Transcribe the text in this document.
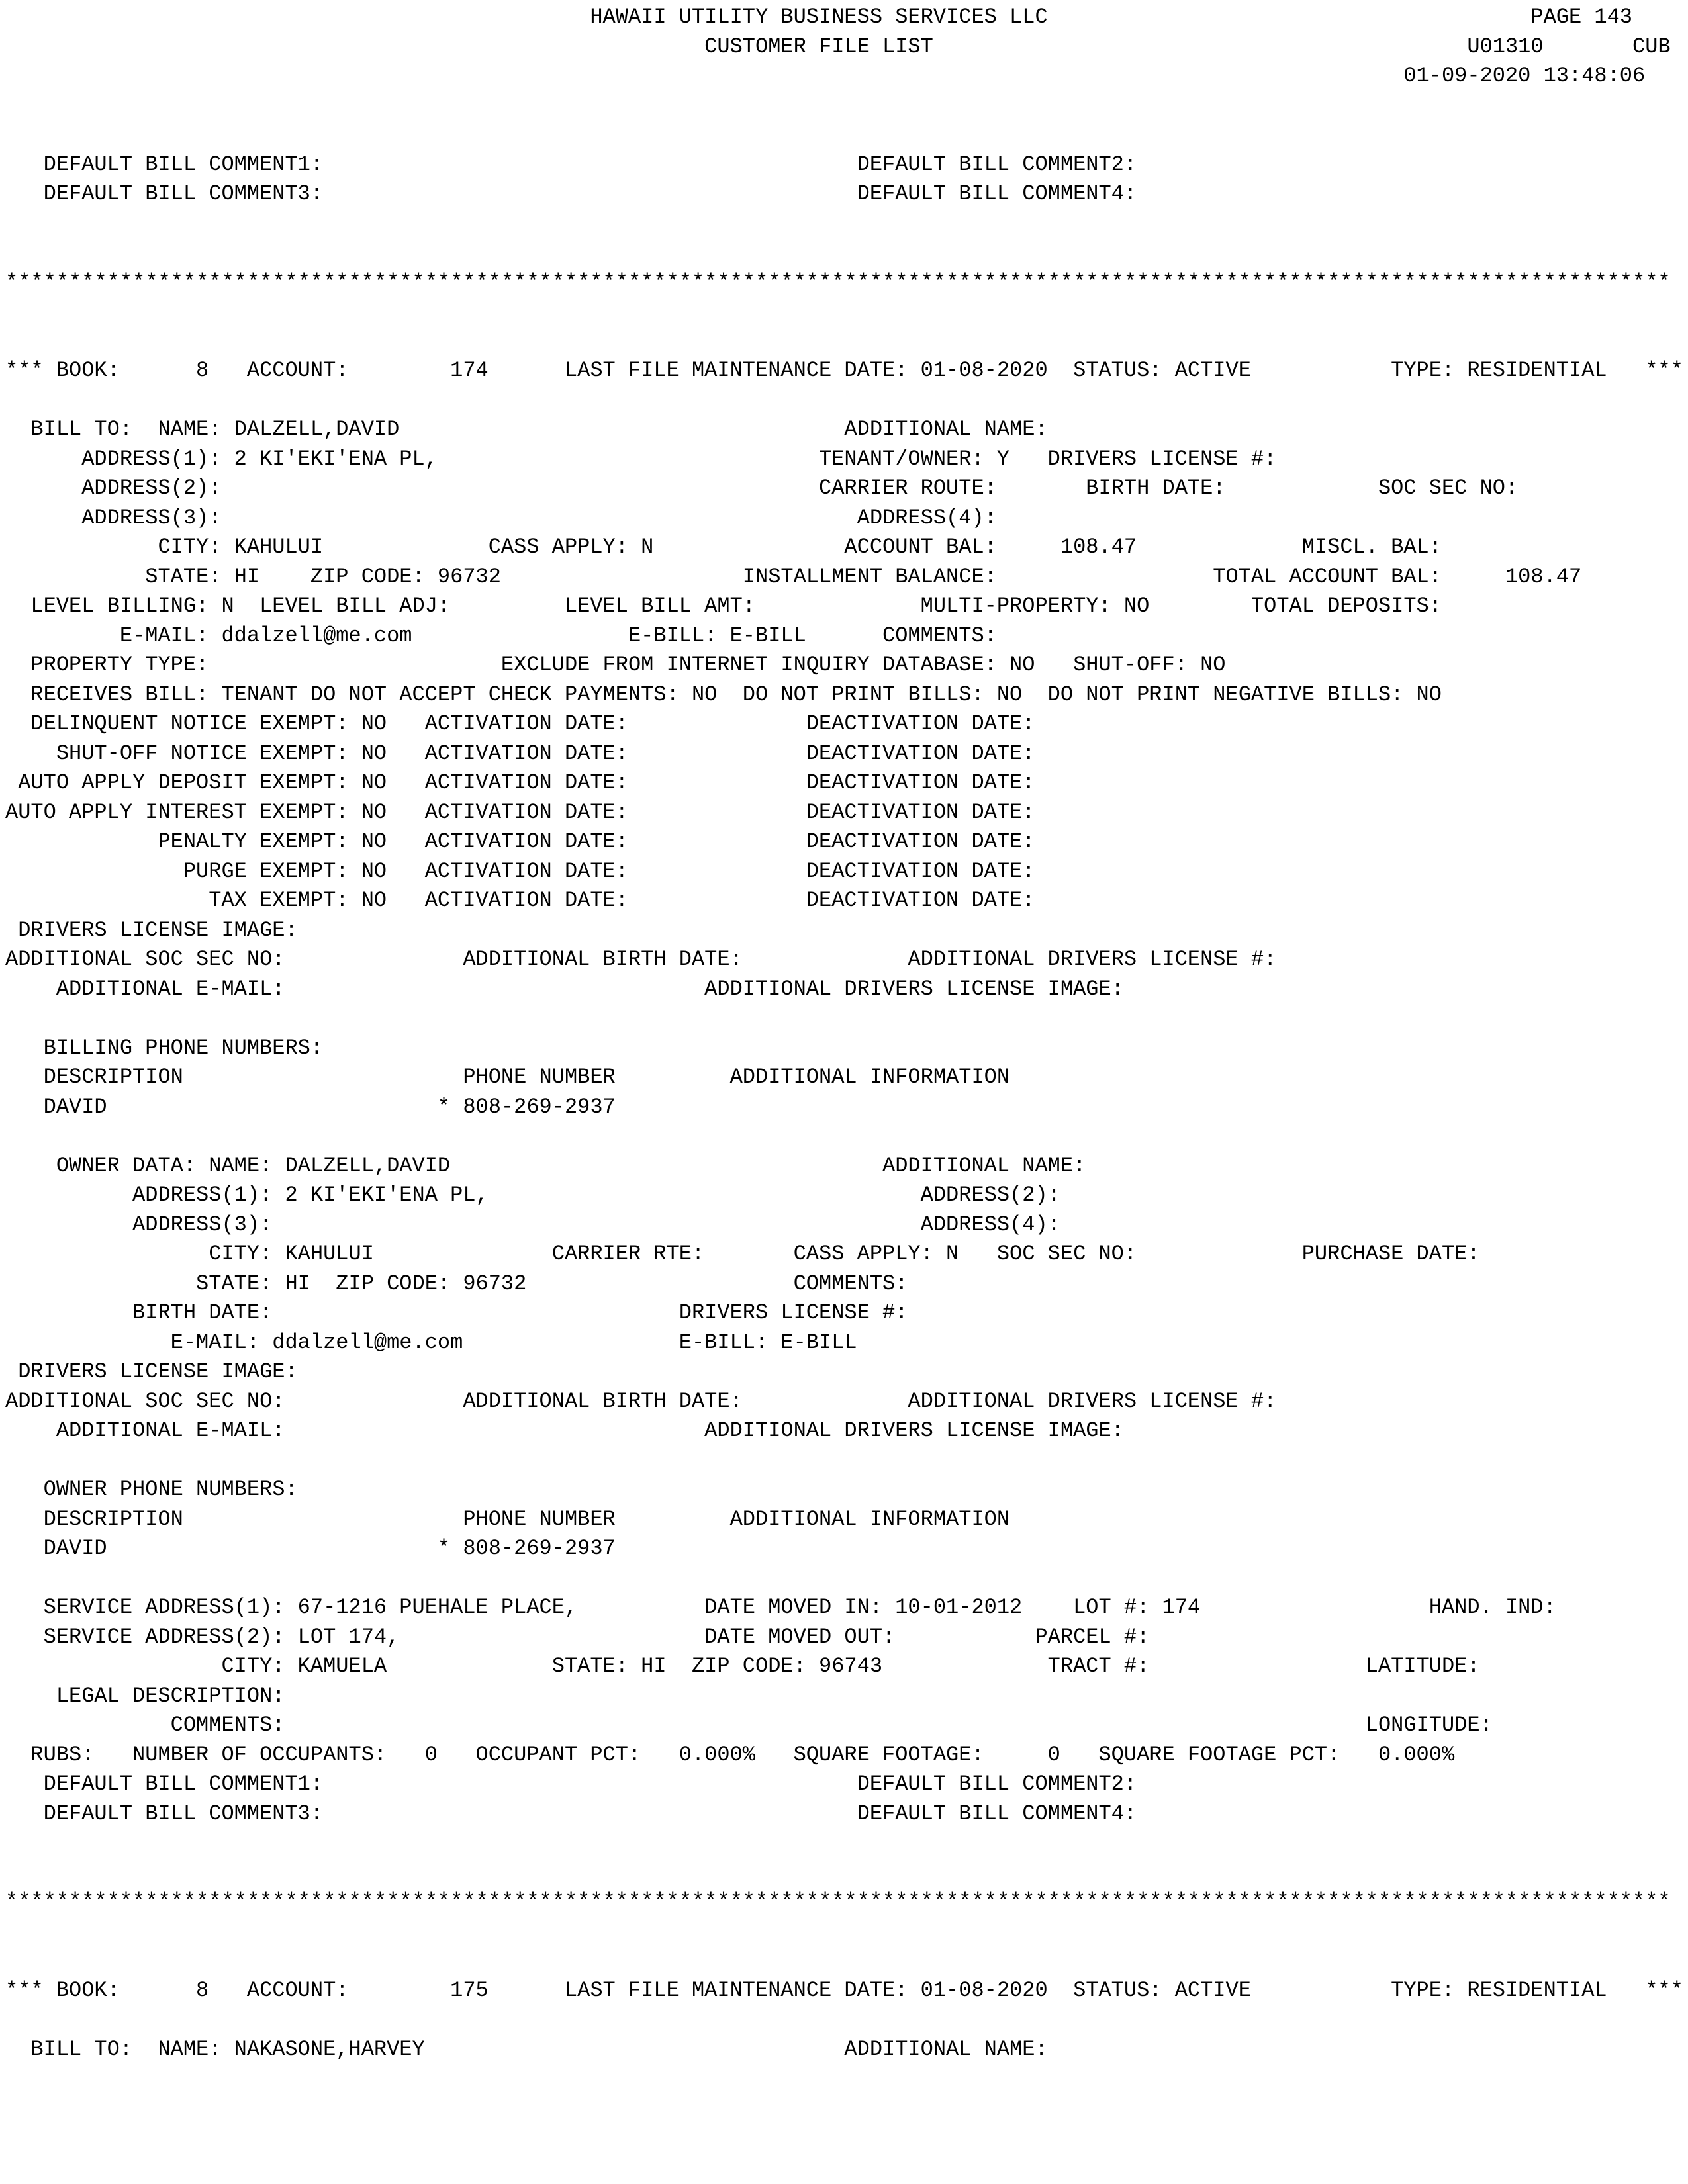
HAWAII UTILITY BUSINESS SERVICES LLC                                      PAGE 143
CUSTOMER FILE LIST                                          U01310       CUB
01-09-2020 13:48:06
DEFAULT BILL COMMENT1:                                          DEFAULT BILL COMMENT2:
DEFAULT BILL COMMENT3:                                          DEFAULT BILL COMMENT4:
***********************************************************************************************************************************
*** BOOK:      8   ACCOUNT:        174      LAST FILE MAINTENANCE DATE: 01-08-2020  STATUS: ACTIVE           TYPE: RESIDENTIAL   ***
BILL TO:  NAME: DALZELL,DAVID                                   ADDITIONAL NAME:
ADDRESS(1): 2 KI'EKI'ENA PL,                              TENANT/OWNER: Y   DRIVERS LICENSE #:
ADDRESS(2):                                               CARRIER ROUTE:       BIRTH DATE:            SOC SEC NO:
ADDRESS(3):                                                  ADDRESS(4):
CITY: KAHULUI             CASS APPLY: N               ACCOUNT BAL:     108.47             MISCL. BAL:
STATE: HI    ZIP CODE: 96732                   INSTALLMENT BALANCE:                 TOTAL ACCOUNT BAL:     108.47
LEVEL BILLING: N  LEVEL BILL ADJ:         LEVEL BILL AMT:             MULTI-PROPERTY: NO        TOTAL DEPOSITS:
E-MAIL: ddalzell@me.com                 E-BILL: E-BILL      COMMENTS:
PROPERTY TYPE:                       EXCLUDE FROM INTERNET INQUIRY DATABASE: NO   SHUT-OFF: NO
RECEIVES BILL: TENANT DO NOT ACCEPT CHECK PAYMENTS: NO  DO NOT PRINT BILLS: NO  DO NOT PRINT NEGATIVE BILLS: NO
DELINQUENT NOTICE EXEMPT: NO   ACTIVATION DATE:              DEACTIVATION DATE:
SHUT-OFF NOTICE EXEMPT: NO   ACTIVATION DATE:              DEACTIVATION DATE:
AUTO APPLY DEPOSIT EXEMPT: NO   ACTIVATION DATE:              DEACTIVATION DATE:
AUTO APPLY INTEREST EXEMPT: NO   ACTIVATION DATE:              DEACTIVATION DATE:
PENALTY EXEMPT: NO   ACTIVATION DATE:              DEACTIVATION DATE:
PURGE EXEMPT: NO   ACTIVATION DATE:              DEACTIVATION DATE:
TAX EXEMPT: NO   ACTIVATION DATE:              DEACTIVATION DATE:
DRIVERS LICENSE IMAGE:
ADDITIONAL SOC SEC NO:              ADDITIONAL BIRTH DATE:             ADDITIONAL DRIVERS LICENSE #:
ADDITIONAL E-MAIL:                                 ADDITIONAL DRIVERS LICENSE IMAGE:
BILLING PHONE NUMBERS:
DESCRIPTION                      PHONE NUMBER         ADDITIONAL INFORMATION
DAVID                          * 808-269-2937
OWNER DATA: NAME: DALZELL,DAVID                                  ADDITIONAL NAME:
ADDRESS(1): 2 KI'EKI'ENA PL,                                  ADDRESS(2):
ADDRESS(3):                                                   ADDRESS(4):
CITY: KAHULUI              CARRIER RTE:       CASS APPLY: N   SOC SEC NO:             PURCHASE DATE:
STATE: HI  ZIP CODE: 96732                     COMMENTS:
BIRTH DATE:                                DRIVERS LICENSE #:
E-MAIL: ddalzell@me.com                 E-BILL: E-BILL
DRIVERS LICENSE IMAGE:
ADDITIONAL SOC SEC NO:              ADDITIONAL BIRTH DATE:             ADDITIONAL DRIVERS LICENSE #:
ADDITIONAL E-MAIL:                                 ADDITIONAL DRIVERS LICENSE IMAGE:
OWNER PHONE NUMBERS:
DESCRIPTION                      PHONE NUMBER         ADDITIONAL INFORMATION
DAVID                          * 808-269-2937
SERVICE ADDRESS(1): 67-1216 PUEHALE PLACE,          DATE MOVED IN: 10-01-2012    LOT #: 174                  HAND. IND:
SERVICE ADDRESS(2): LOT 174,                        DATE MOVED OUT:           PARCEL #:
CITY: KAMUELA             STATE: HI  ZIP CODE: 96743             TRACT #:                 LATITUDE:
LEGAL DESCRIPTION:
COMMENTS:                                                                                     LONGITUDE:
RUBS:   NUMBER OF OCCUPANTS:   0   OCCUPANT PCT:   0.000%   SQUARE FOOTAGE:     0   SQUARE FOOTAGE PCT:   0.000%
DEFAULT BILL COMMENT1:                                          DEFAULT BILL COMMENT2:
DEFAULT BILL COMMENT3:                                          DEFAULT BILL COMMENT4:
***********************************************************************************************************************************
*** BOOK:      8   ACCOUNT:        175      LAST FILE MAINTENANCE DATE: 01-08-2020  STATUS: ACTIVE           TYPE: RESIDENTIAL   ***
BILL TO:  NAME: NAKASONE,HARVEY                                 ADDITIONAL NAME:
